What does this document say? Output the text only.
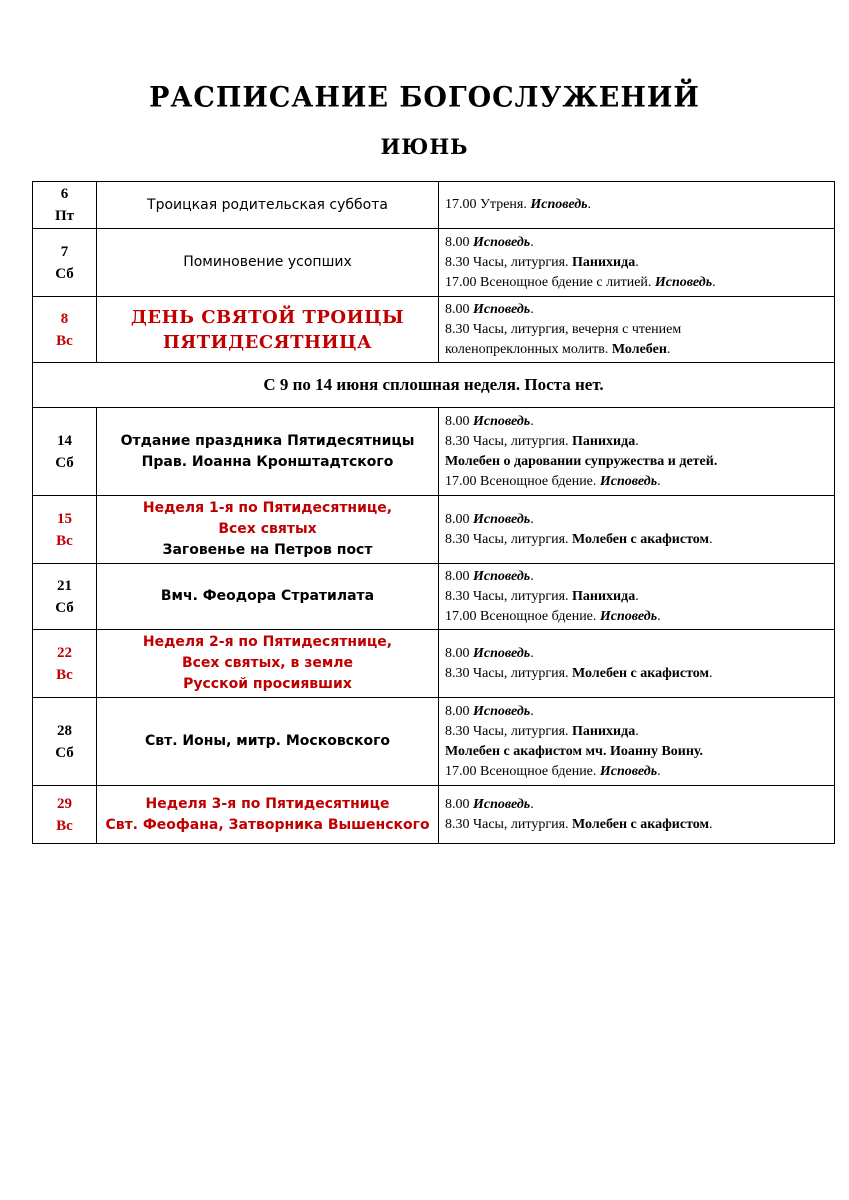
РАСПИСАНИЕ БОГОСЛУЖЕНИЙ
ИЮНЬ
6
Пт	Троицкая родительская суббота	17.00 Утреня. Исповедь.

7
Сб	Поминовение усопших	8.00 Исповедь.
8.30 Часы, литургия. Панихида.
17.00 Всенощное бдение с литией. Исповедь.

8
Вс	ДЕНЬ СВЯТОЙ ТРОИЦЫ
ПЯТИДЕСЯТНИЦА	8.00 Исповедь.
8.30 Часы, литургия, вечерня с чтением
коленопреклонных молитв. Молебен.

С 9 по 14 июня сплошная неделя. Поста нет.		

14
Сб	Отдание праздника Пятидесятницы
Прав. Иоанна Кронштадтского	8.00 Исповедь.
8.30 Часы, литургия. Панихида.
Молебен о даровании супружества и детей.
17.00 Всенощное бдение. Исповедь.

15
Вс	Неделя 1-я по Пятидесятнице,
Всех святых
Заговенье на Петров пост	8.00 Исповедь.
8.30 Часы, литургия. Молебен с акафистом.

21
Сб	Вмч. Феодора Стратилата	8.00 Исповедь.
8.30 Часы, литургия. Панихида.
17.00 Всенощное бдение. Исповедь.

22
Вс	Неделя 2-я по Пятидесятнице,
Всех святых, в земле
Русской просиявших	8.00 Исповедь.
8.30 Часы, литургия. Молебен с акафистом.

28
Сб	Свт. Ионы, митр. Московского	8.00 Исповедь.
8.30 Часы, литургия. Панихида.
Молебен с акафистом мч. Иоанну Воину.
17.00 Всенощное бдение. Исповедь.

29
Вс	Неделя 3-я по Пятидесятнице
Свт. Феофана, Затворника Вышенского	8.00 Исповедь.
8.30 Часы, литургия. Молебен с акафистом.
